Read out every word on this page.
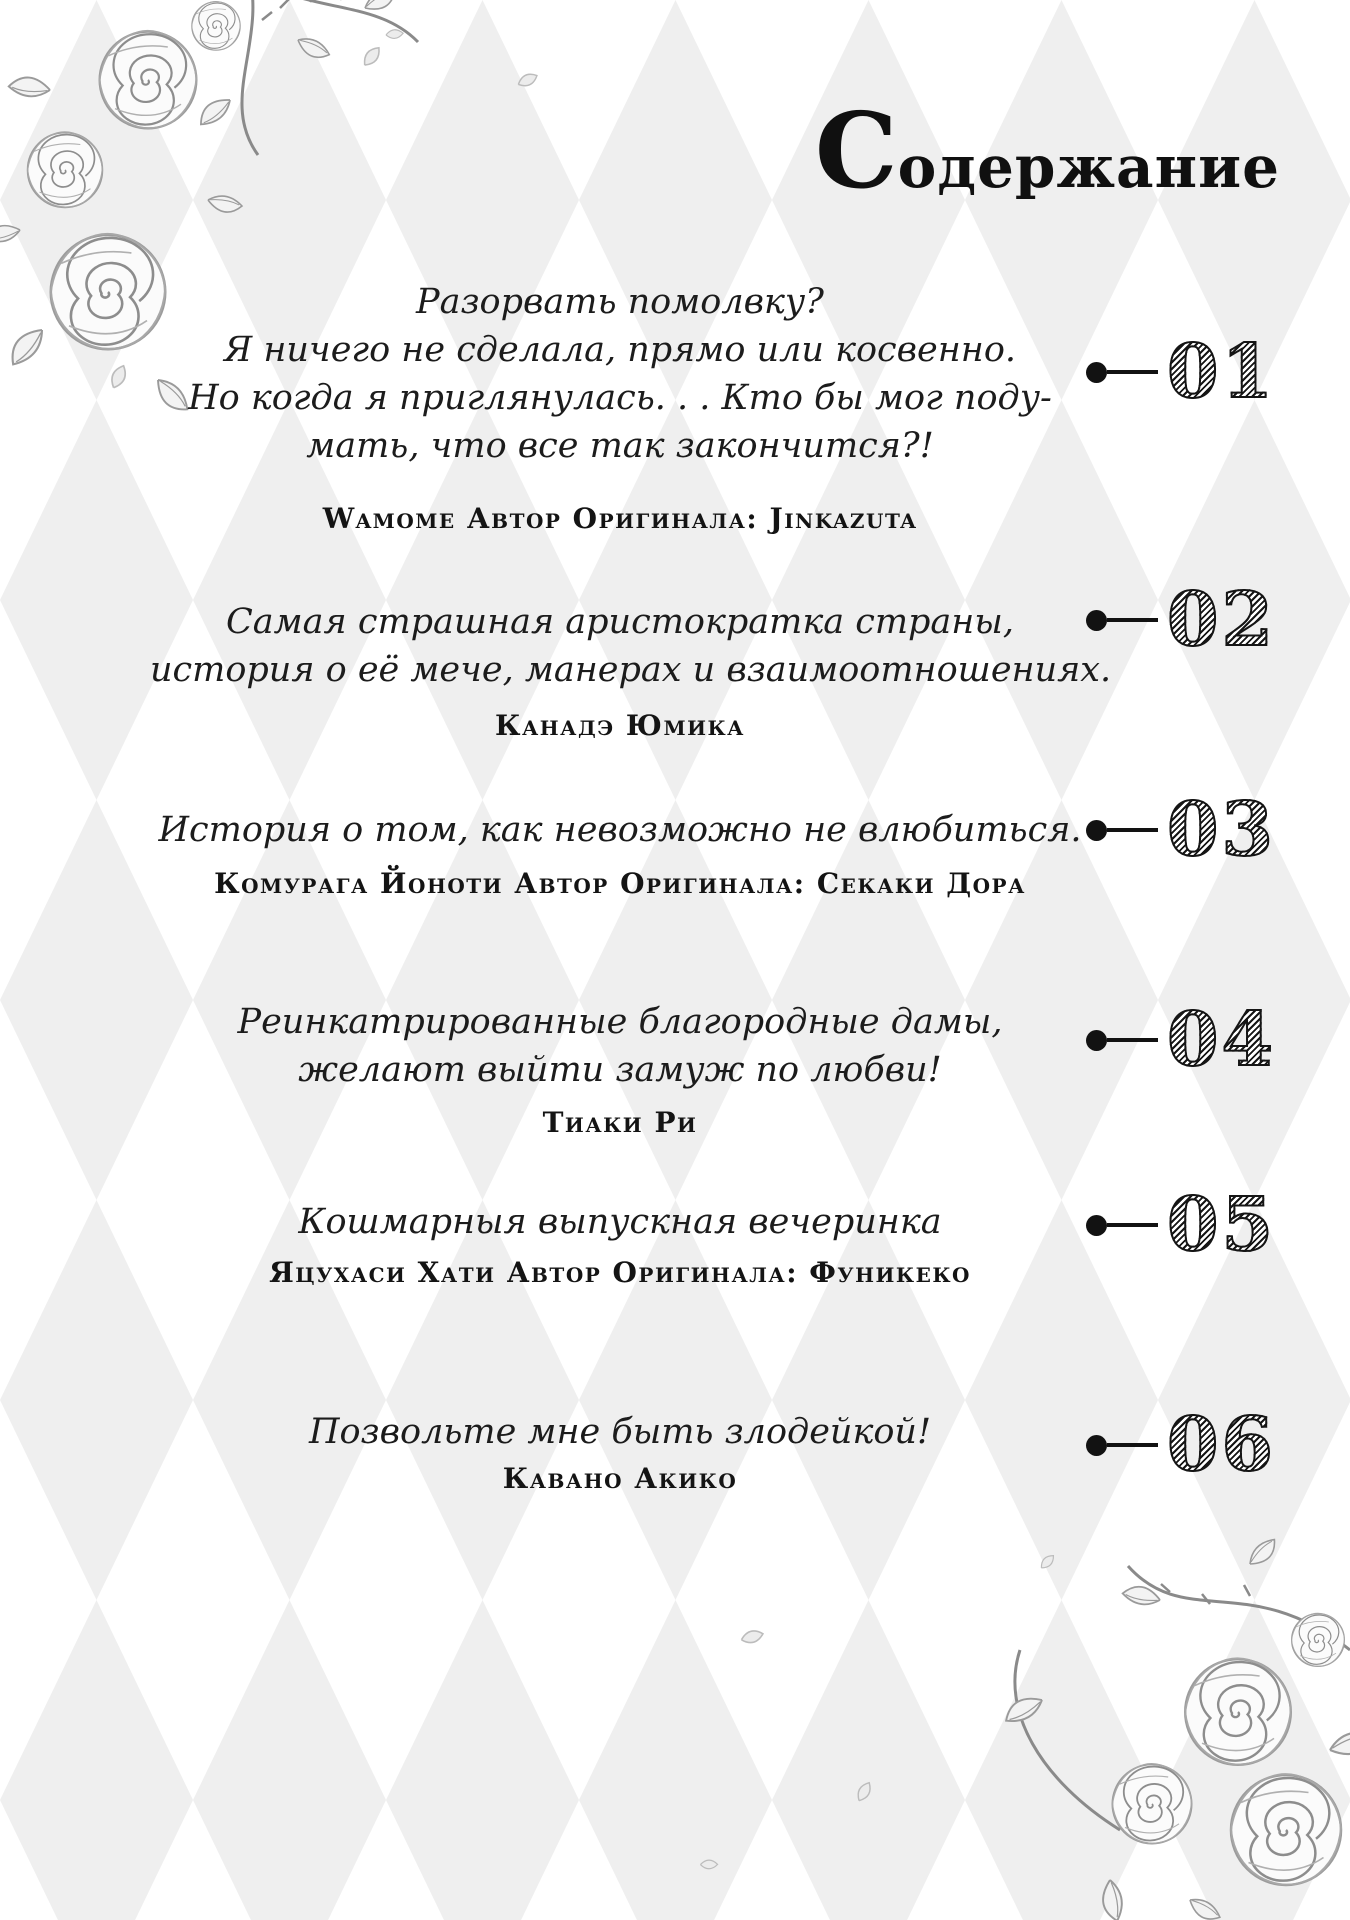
Содержание
Разорвать помолвку?
Я ничего не сделала, прямо или косвенно.
Но когда я приглянулась. . . Кто бы мог поду-
мать, что все так закончится?!
Wamome Автор Оригинала: Jinkazuta
01
Самая страшная аристократка страны,
история о её мече, манерах и взаимоотношениях.
Канадэ Юмика
02
История о том, как невозможно не влюбиться.
Комурага Йоноти Автор Оригинала: Секаки Дора
03
Реинкатрированные благородные дамы,
желают выйти замуж по любви!
Тиаки Ри
04
Кошмарныя выпускная вечеринка
Яцухаси Хати Автор Оригинала: Фуникеко
05
Позвольте мне быть злодейкой!
Кавано Акико	06
